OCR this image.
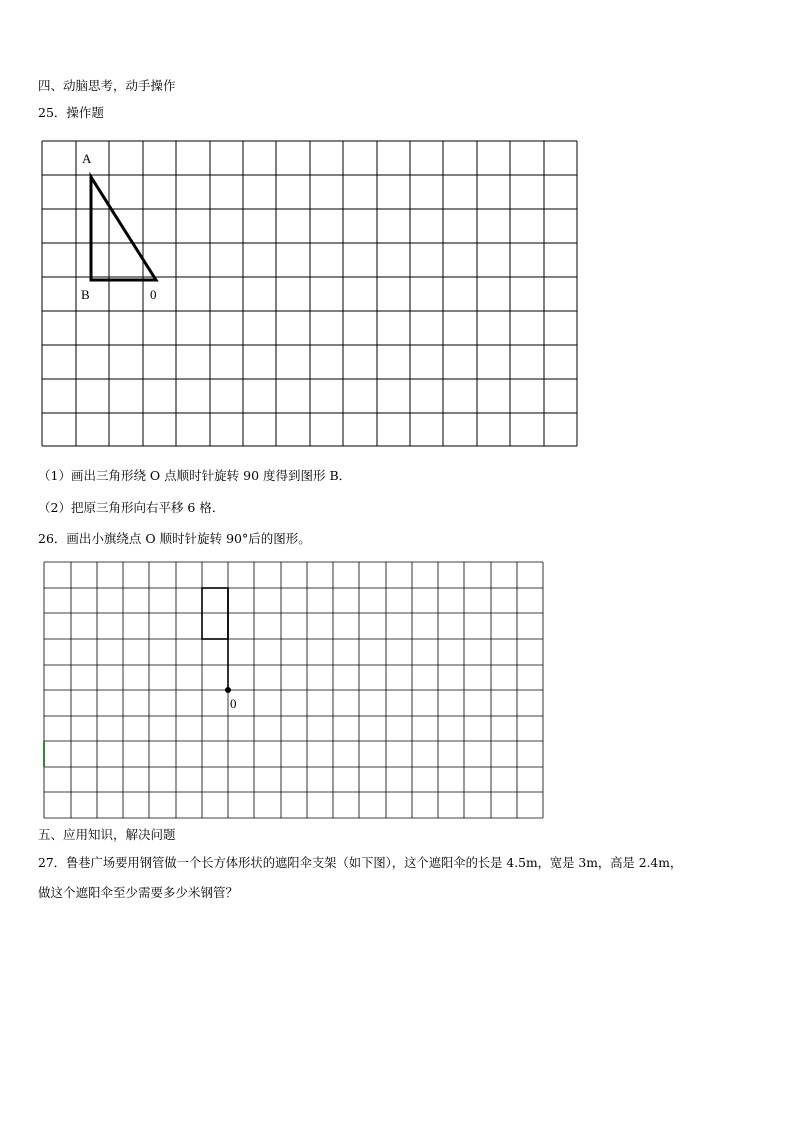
四、动脑思考，动手操作
25．操作题
A
B	0
（1）画出三角形绕 O 点顺时针旋转 90 度得到图形 B．
（2）把原三角形向右平移 6 格．
26．画出小旗绕点 O 顺时针旋转 90°后的图形。
0
五、应用知识，解决问题
27．鲁巷广场要用钢管做一个长方体形状的遮阳伞支架（如下图），这个遮阳伞的长是 4.5m，宽是 3m，高是 2.4m，
做这个遮阳伞至少需要多少米钢管？
